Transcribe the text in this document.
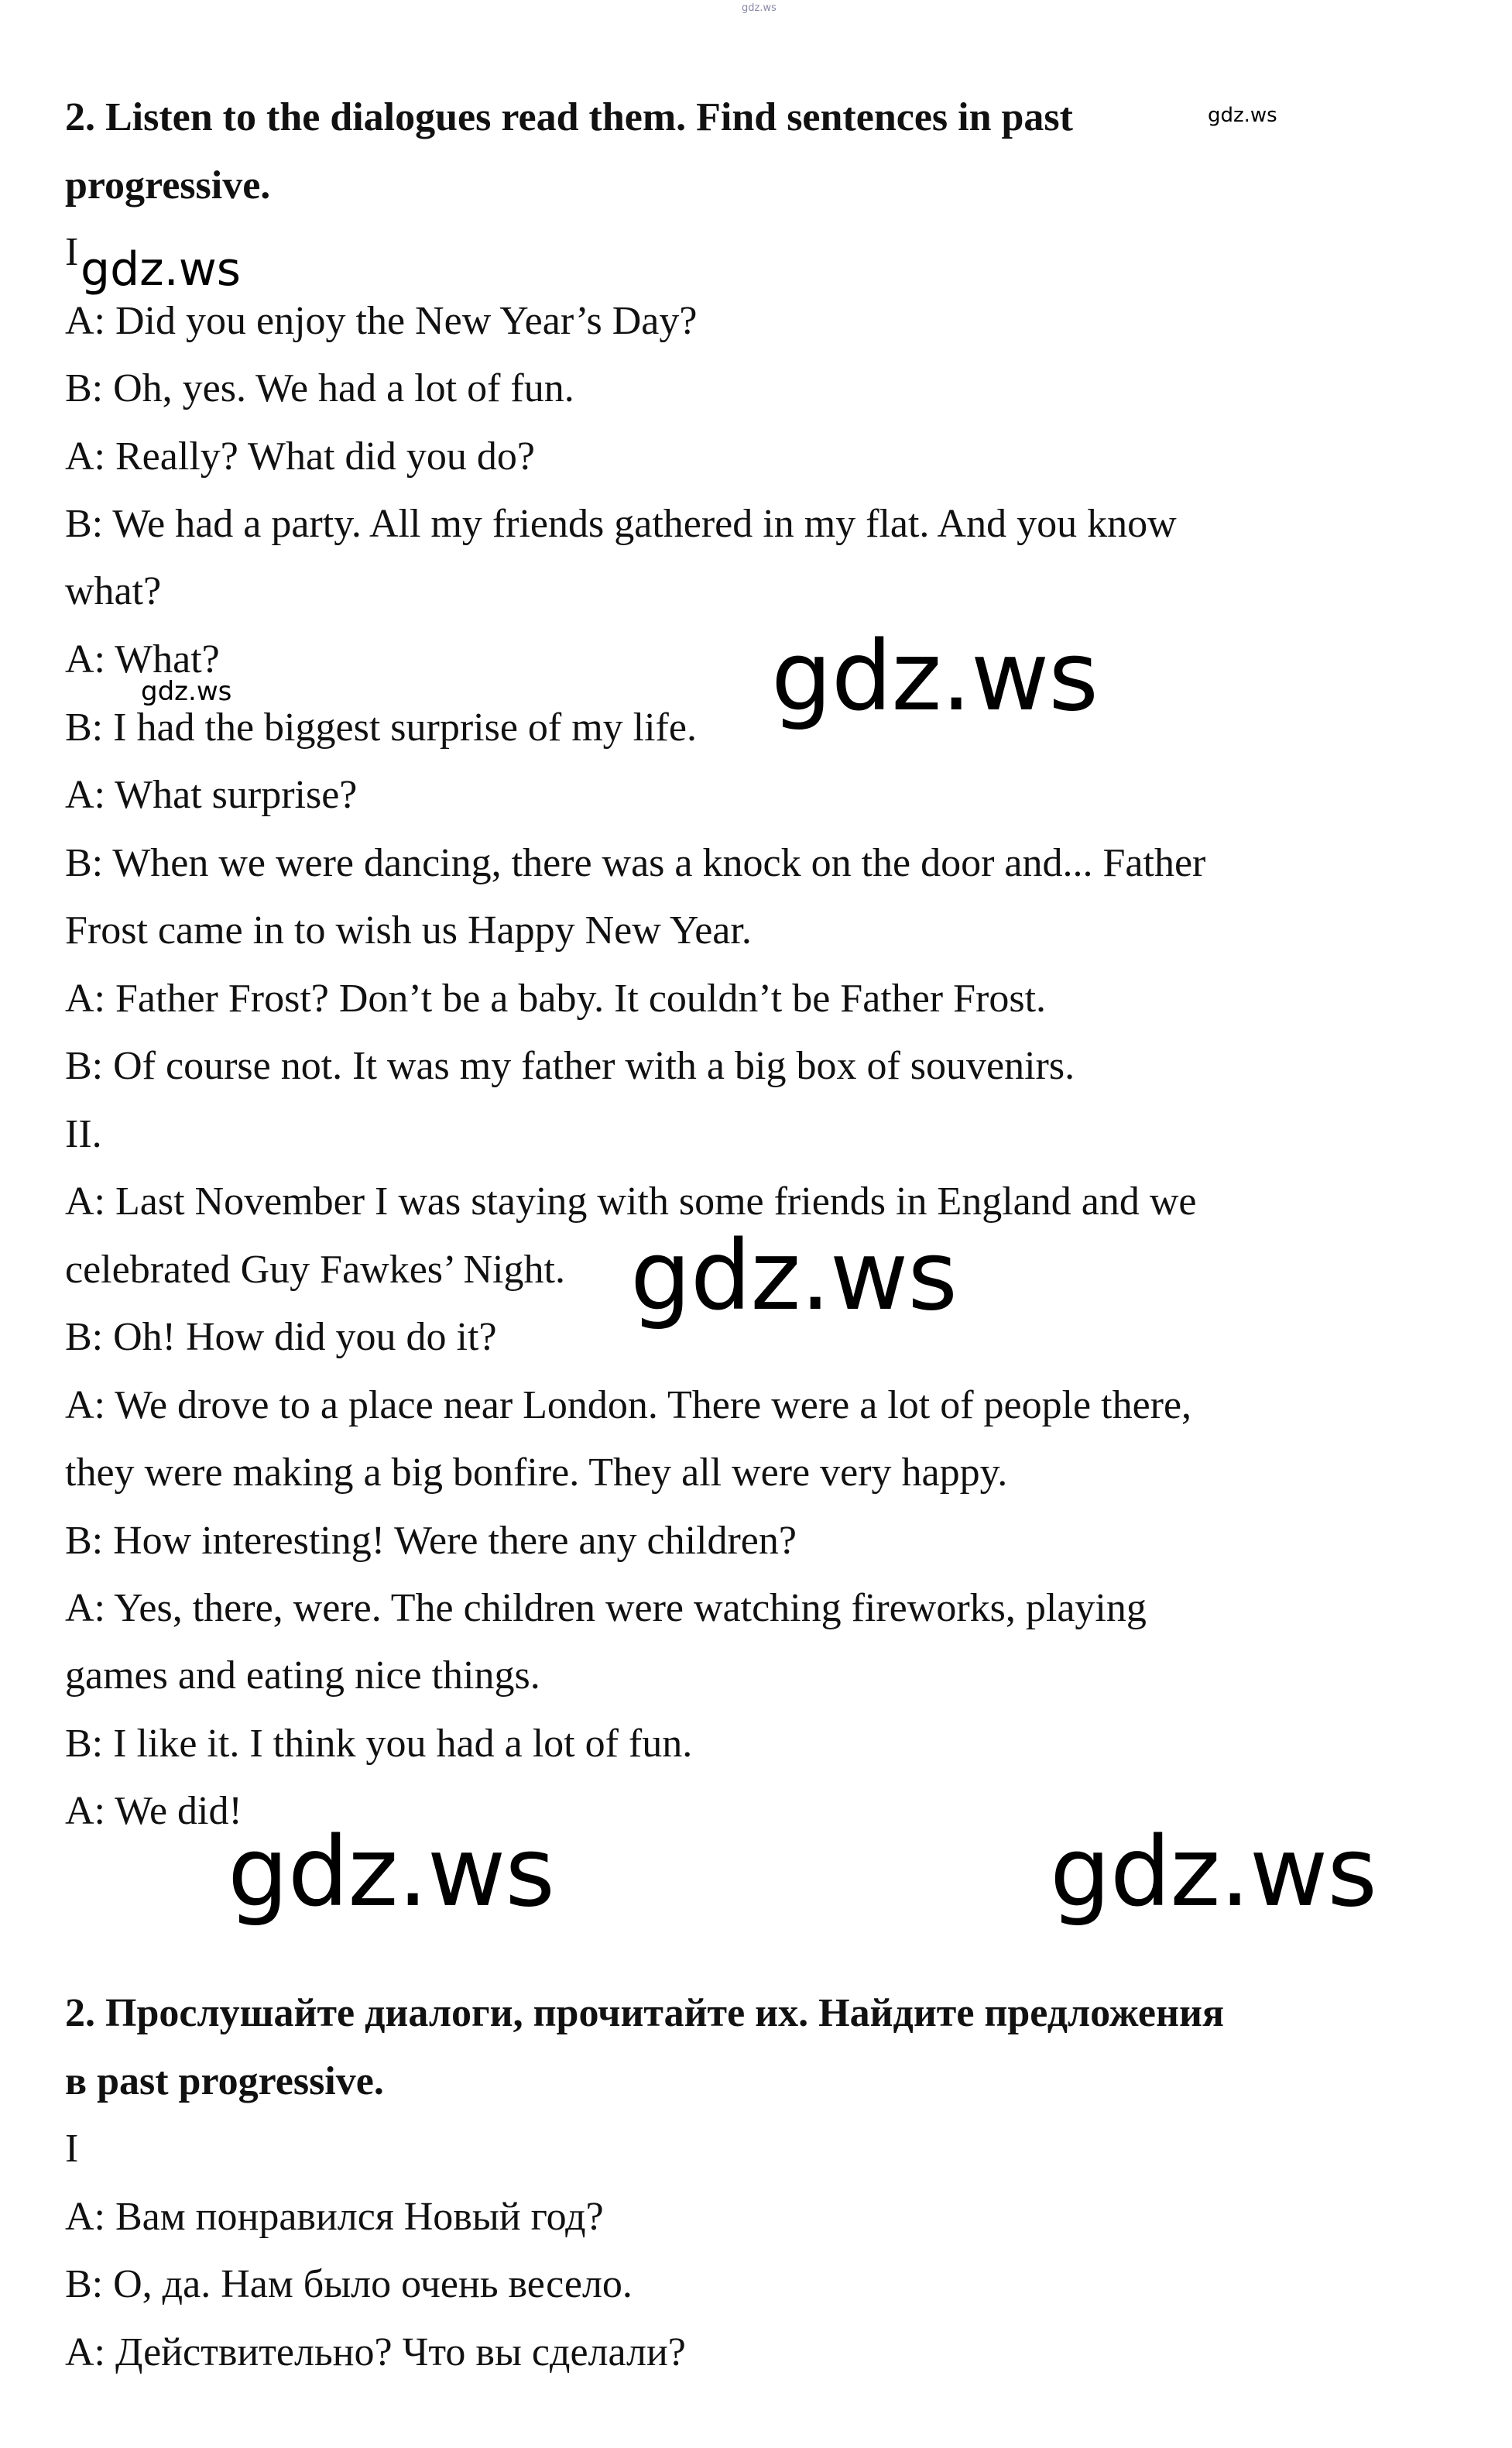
gdz.ws
2. Listen to the dialogues read them. Find sentences in past	gdz.ws
progressive.
I gdz.ws
A: Did you enjoy the New Year’s Day?
B: Oh, yes. We had a lot of fun.
A: Really? What did you do?
B: We had a party. All my friends gathered in my flat. And you know
what?
A: What?
gdz.ws	gdz.ws
B: I had the biggest surprise of my life.
A: What surprise?
B: When we were dancing, there was a knock on the door and... Father
Frost came in to wish us Happy New Year.
A: Father Frost? Don’t be a baby. It couldn’t be Father Frost.
B: Of course not. It was my father with a big box of souvenirs.
II.
A: Last November I was staying with some friends in England and we
celebrated Guy Fawkes’ Night. gdz.ws
B: Oh! How did you do it?
A: We drove to a place near London. There were a lot of people there,
they were making a big bonfire. They all were very happy.
B: How interesting! Were there any children?
A: Yes, there, were. The children were watching fireworks, playing
games and eating nice things.
B: I like it. I think you had a lot of fun.
A: We did!
gdz.ws	gdz.ws
2. Прослушайте диалоги, прочитайте их. Найдите предложения
в past progressive.
I
A: Вам понравился Новый год?
B: О, да. Нам было очень весело.
A: Действительно? Что вы сделали?
